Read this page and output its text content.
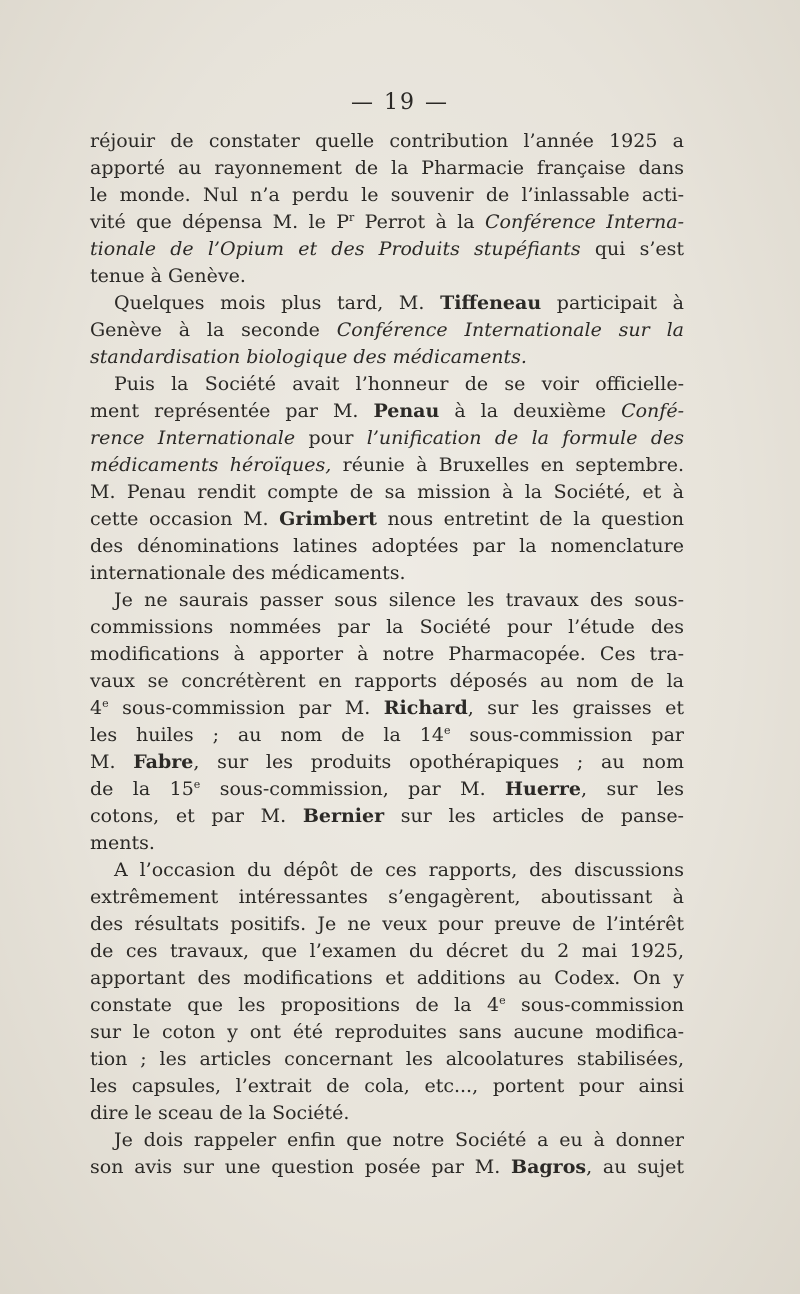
— 19 —
réjouir de constater quelle contribution l’année 1925 a
apporté au rayonnement de la Pharmacie française dans
le monde. Nul n’a perdu le souvenir de l’inlassable acti-
vité que dépensa M. le $P^r$ Perrot à la Conférence Interna-
tionale de l’Opium et des Produits stupéfiants qui s’est
tenue à Genève.
Quelques mois plus tard, M. Tiffeneau participait à
Genève à la seconde Conférence Internationale sur la
standardisation biologique des médicaments.
Puis la Société avait l’honneur de se voir officielle-
ment représentée par M. Penau à la deuxième Confé-
rence Internationale pour l’unification de la formule des
médicaments héroïques, réunie à Bruxelles en septembre.
M. Penau rendit compte de sa mission à la Société, et à
cette occasion M. Grimbert nous entretint de la question
des dénominations latines adoptées par la nomenclature
internationale des médicaments.
Je ne saurais passer sous silence les travaux des sous-
commissions nommées par la Société pour l’étude des
modifications à apporter à notre Pharmacopée. Ces tra-
vaux se concrétèrent en rapports déposés au nom de la
4e sous-commission par M. Richard, sur les graisses et
les huiles ; au nom de la 14e sous-commission par
M. Fabre, sur les produits opothérapiques ; au nom
de la 15e sous-commission, par M. Huerre, sur les
cotons, et par M. Bernier sur les articles de panse-
ments.
A l’occasion du dépôt de ces rapports, des discussions
extrêmement intéressantes s’engagèrent, aboutissant à
des résultats positifs. Je ne veux pour preuve de l’intérêt
de ces travaux, que l’examen du décret du 2 mai 1925,
apportant des modifications et additions au Codex. On y
constate que les propositions de la 4e sous-commission
sur le coton y ont été reproduites sans aucune modifica-
tion ; les articles concernant les alcoolatures stabilisées,
les capsules, l’extrait de cola, etc..., portent pour ainsi
dire le sceau de la Société.
Je dois rappeler enfin que notre Société a eu à donner
son avis sur une question posée par M. Bagros, au sujet
